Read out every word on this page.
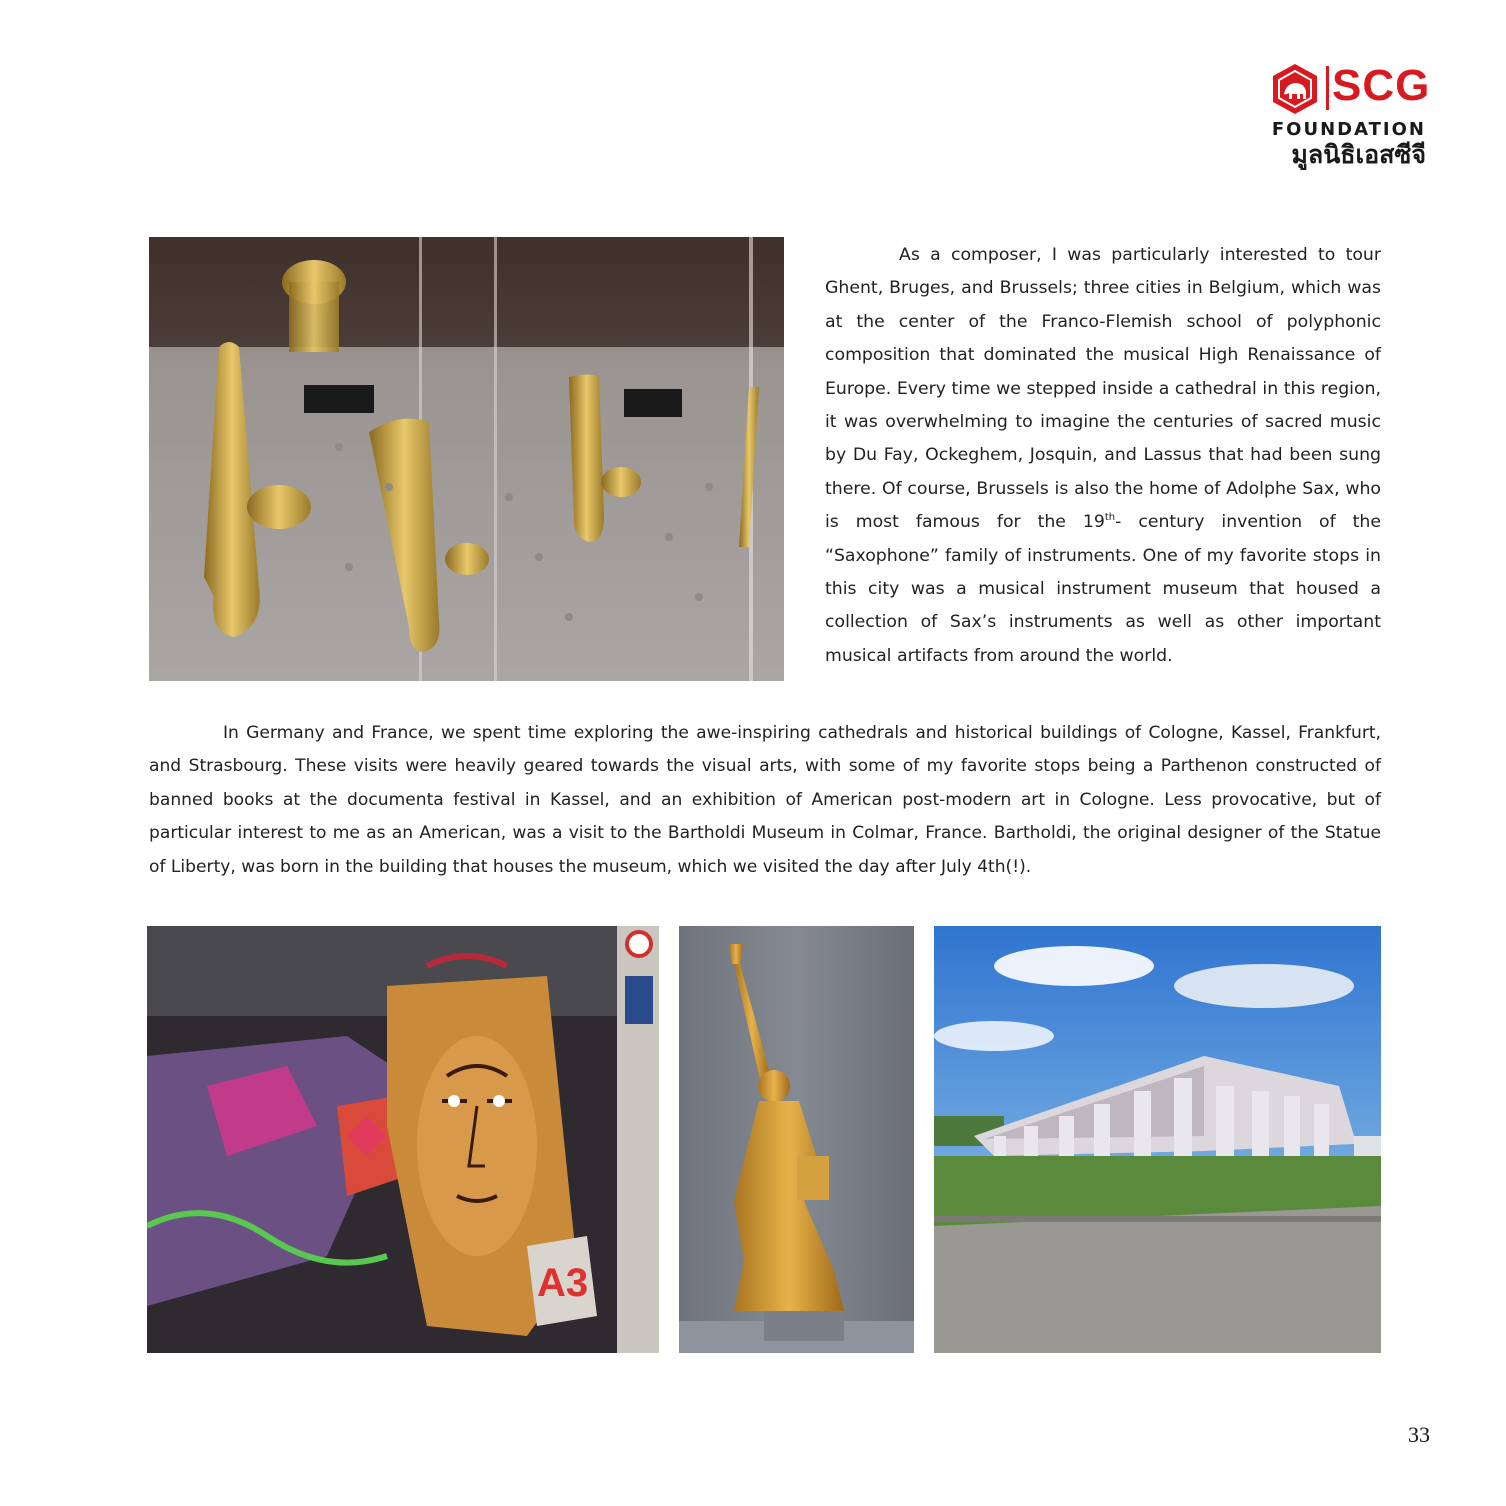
SCG
FOUNDATION
มูลนิธิเอสซีจี

As a composer, I was particularly interested to tour Ghent, Bruges, and Brussels; three cities in Belgium, which was at the center of the Franco-Flemish school of polyphonic composition that dominated the musical High Renaissance of Europe. Every time we stepped inside a cathedral in this region, it was overwhelming to imagine the centuries of sacred music by Du Fay, Ockeghem, Josquin, and Lassus that had been sung there. Of course, Brussels is also the home of Adolphe Sax, who is most famous for the 19th- century invention of the “Saxophone” family of instruments. One of my favorite stops in this city was a musical instrument museum that housed a collection of Sax’s instruments as well as other important musical artifacts from around the world.

In Germany and France, we spent time exploring the awe-inspiring cathedrals and historical buildings of Cologne, Kassel, Frankfurt, and Strasbourg. These visits were heavily geared towards the visual arts, with some of my favorite stops being a Parthenon constructed of banned books at the documenta festival in Kassel, and an exhibition of American post-modern art in Cologne. Less provocative, but of particular interest to me as an American, was a visit to the Bartholdi Museum in Colmar, France. Bartholdi, the original designer of the Statue of Liberty, was born in the building that houses the museum, which we visited the day after July 4th(!).

A3
33
